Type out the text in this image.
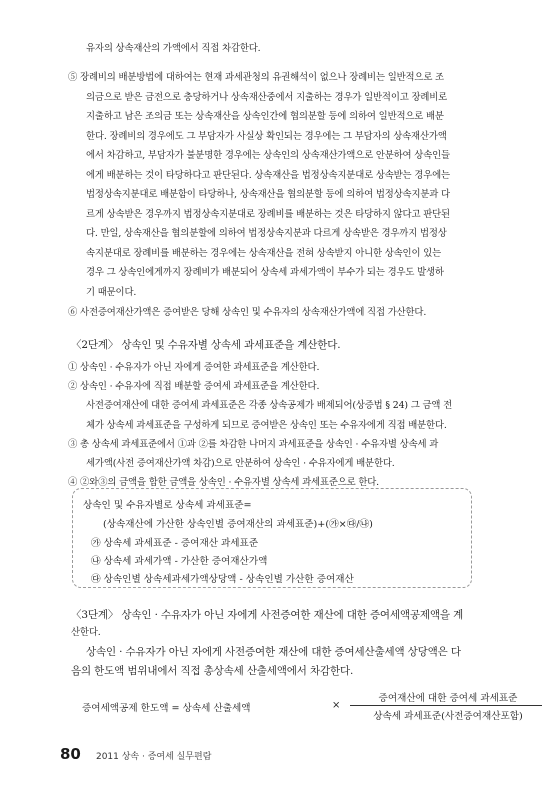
유자의 상속재산의 가액에서 직접 차감한다.
⑤ 장례비의 배분방법에 대하여는 현재 과세관청의 유권해석이 없으나 장례비는 일반적으로 조
의금으로 받은 금전으로 충당하거나 상속재산중에서 지출하는 경우가 일반적이고 장례비로
지출하고 남은 조의금 또는 상속재산을 상속인간에 협의분할 등에 의하여 일반적으로 배분
한다. 장례비의 경우에도 그 부담자가 사실상 확인되는 경우에는 그 부담자의 상속재산가액
에서 차감하고, 부담자가 불분명한 경우에는 상속인의 상속재산가액으로 안분하여 상속인들
에게 배분하는 것이 타당하다고 판단된다. 상속재산을 법정상속지분대로 상속받는 경우에는
법정상속지분대로 배분함이 타당하나, 상속재산을 협의분할 등에 의하여 법정상속지분과 다
르게 상속받은 경우까지 법정상속지분대로 장례비를 배분하는 것은 타당하지 않다고 판단된
다. 만일, 상속재산을 협의분할에 의하여 법정상속지분과 다르게 상속받은 경우까지 법정상
속지분대로 장례비를 배분하는 경우에는 상속재산을 전혀 상속받지 아니한 상속인이 있는
경우 그 상속인에게까지 장례비가 배분되어 상속세 과세가액이 부수가 되는 경우도 발생하
기 때문이다.
⑥ 사전증여재산가액은 증여받은 당해 상속인 및 수유자의 상속재산가액에 직접 가산한다.
〈2단계〉 상속인 및 수유자별 상속세 과세표준을 계산한다.
① 상속인 · 수유자가 아닌 자에게 증여한 과세표준을 계산한다.
② 상속인 · 수유자에 직접 배분할 증여세 과세표준을 계산한다.
사전증여재산에 대한 증여세 과세표준은 각종 상속공제가 배제되어(상증법 § 24) 그 금액 전
체가 상속세 과세표준을 구성하게 되므로 증여받은 상속인 또는 수유자에게 직접 배분한다.
③ 총 상속세 과세표준에서 ①과 ②를 차감한 나머지 과세표준을 상속인 · 수유자별 상속세 과
세가액(사전 증여재산가액 차감)으로 안분하여 상속인 · 수유자에게 배분한다.
④ ②와③의 금액을 합한 금액을 상속인 · 수유자별 상속세 과세표준으로 한다.
상속인 및 수유자별로 상속세 과세표준=
(상속재산에 가산한 상속인별 증여재산의 과세표준)+(㉮×㉰/㉯)
㉮ 상속세 과세표준 - 증여재산 과세표준
㉯ 상속세 과세가액 - 가산한 증여재산가액
㉰ 상속인별 상속세과세가액상당액 - 상속인별 가산한 증여재산
〈3단계〉 상속인 · 수유자가 아닌 자에게 사전증여한 재산에 대한 증여세액공제액을 계
산한다.
상속인 · 수유자가 아닌 자에게 사전증여한 재산에 대한 증여세산출세액 상당액은 다
음의 한도액 범위내에서 직접 총상속세 산출세액에서 차감한다.
증여세액공제 한도액 = 상속세 산출세액	×
증여재산에 대한 증여세 과세표준
상속세 과세표준(사전증여재산포함)
80 2011 상속 · 증여세 실무편람
